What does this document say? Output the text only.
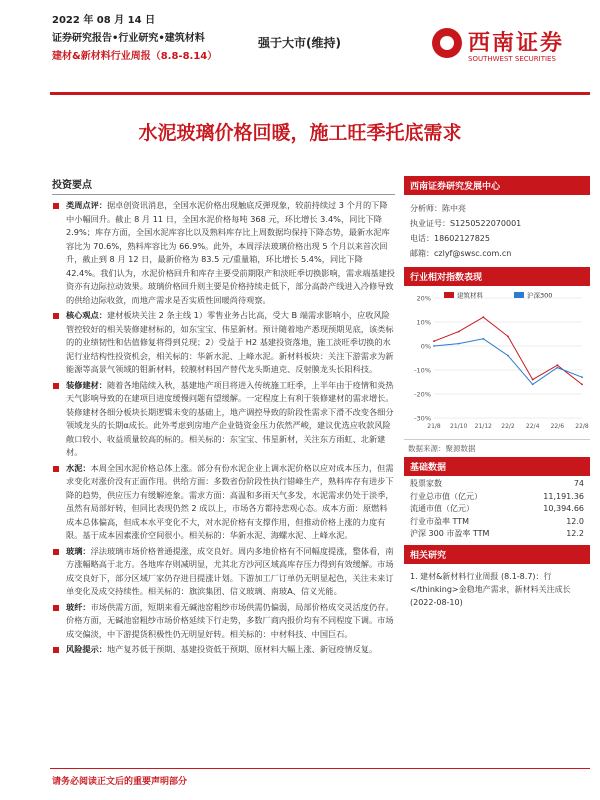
2022 年 08 月 14 日
证券研究报告•行业研究•建筑材料
建材&新材料行业周报（8.8-8.14）
强于大市(维持)	西南证券
SOUTHWEST SECURITIES
水泥玻璃价格回暖，施工旺季托底需求
投资要点
类周点评：据卓创资讯消息，全国水泥价格出现触底反弹现象，较前持续过 3 个月的下降中小幅回升。截止 8 月 11 日，全国水泥价格每吨 368 元，环比增长 3.4%，同比下降 2.9%；库存方面，全国水泥库容比以及熟料库存比上周数据均保持下降态势，最新水泥库容比为 70.6%，熟料库容比为 66.9%。此外，本周浮法玻璃价格出现 5 个月以来首次回升，截止到 8 月 12 日，最新价格为 83.5 元/重量箱，环比增长 5.4%，同比下降 42.4%。我们认为，水泥价格回升和库存主要受前期限产和淡旺季切换影响，需求端基建投资亦有边际拉动效果。玻璃价格回升则主要是价格持续走低下，部分高龄产线进入冷修导致的供给边际收敛，而地产需求是否实质性回暖尚待观察。
核心观点：建材板块关注 2 条主线 1）零售业务占比高，受大 B 端需求影响小，应收风险管控较好的相关装修建材标的，如东宝宝、伟星新材。预计随着地产悉现预期见底，该类标的的业绩韧性和估值修复将得到兑现；2）受益于 H2 基建投资落地，施工淡旺季切换的水泥行业结构性投资机会，相关标的：华新水泥、上峰水泥。新材料板块：关注下游需求为新能源等高景气领域的钼新材料，较膜材料国产替代龙头斯迪克、反射膜龙头长阳科技。
装修建材：随着各地陆续入秋，基建地产项目将进入传统施工旺季，上半年由于疫情和炎热天气影响导致的在建项目进度缓慢问题有望缓解。一定程度上有利于装修建材的需求增长。装修建材各细分板块长期逻辑未变的基础上，地产调控导致的阶段性需求下滑不改变各细分领域龙头的长期α成长。此外考虑到房地产企业链资金压力依然严峻，建议优选应收款风险敞口较小、收益质量较高的标的。相关标的：东宝宝、伟星新材，关注东方雨虹、北新建材。
水泥：本周全国水泥价格总体上涨。部分有份水泥企业上调水泥价格以应对成本压力，但需求变化对涨价没有正面作用。供给方面：多数省份阶段性执行错峰生产，熟料库存有进步下降的趋势，供应压力有缓解迹象。需求方面：高温和多雨天气多发，水泥需求仍处于淡季，虽然有局部好转，但同比表现仍然 2 成以上，市场各方都持悲观心态。成本方面：原燃料成本总体偏高，但成本水平变化不大，对水泥价格有支撑作用，但推动价格上涨的力度有限。基于成本因素涨价空间很小。相关标的：华新水泥、海螺水泥、上峰水泥。
玻璃：浮法玻璃市场价格普通提涨，成交良好。周内多地价格有不同幅度提涨，整体看，南方涨幅略高于北方。各地库存则减明显，尤其北方沙河区域高库存压力得到有效缓解。市场成交良好下，部分区域厂家仍存进目提涨计划。下游加工厂订单仍无明显起色，关注未来订单变化及成交持续性。相关标的：旗滨集团、信义玻璃、南玻A、信义光能。
玻纤：市场供需方面，短期来看无碱池窑粗纱市场供需仍偏弱，局部价格成交灵活度仍存。价格方面，无碱池窑粗纱市场价格延续下行走势，多数厂商内报价均有不同程度下调。市场成交偏淡，中下游提货积极性仍无明显好转。相关标的：中材科技、中国巨石。
风险提示：地产复苏低于预期、基建投资低于预期、原材料大幅上涨、新冠疫情反复。
西南证券研究发展中心
分析师：陈中亮
执业证号：S1250522070001
电话：18602127825
邮箱：czlyf@swsc.com.cn
行业相对指数表现
20%
10%
0%
-10%
-20%
-30%
21/8 21/10 21/12 22/2 22/4 22/6 22/8
建筑材料	沪深300
数据来源：聚源数据
基础数据
股票家数	74
行业总市值（亿元）	11,191.36
流通市值（亿元）	10,394.66
行业市盈率 TTM	12.0
沪深 300 市盈率 TTM	12.2
相关研究
1. 建材&新材料行业周报 (8.1-8.7)：行</thinking>金稳地产需求，新材料关注成长 (2022-08-10)
请务必阅读正文后的重要声明部分
